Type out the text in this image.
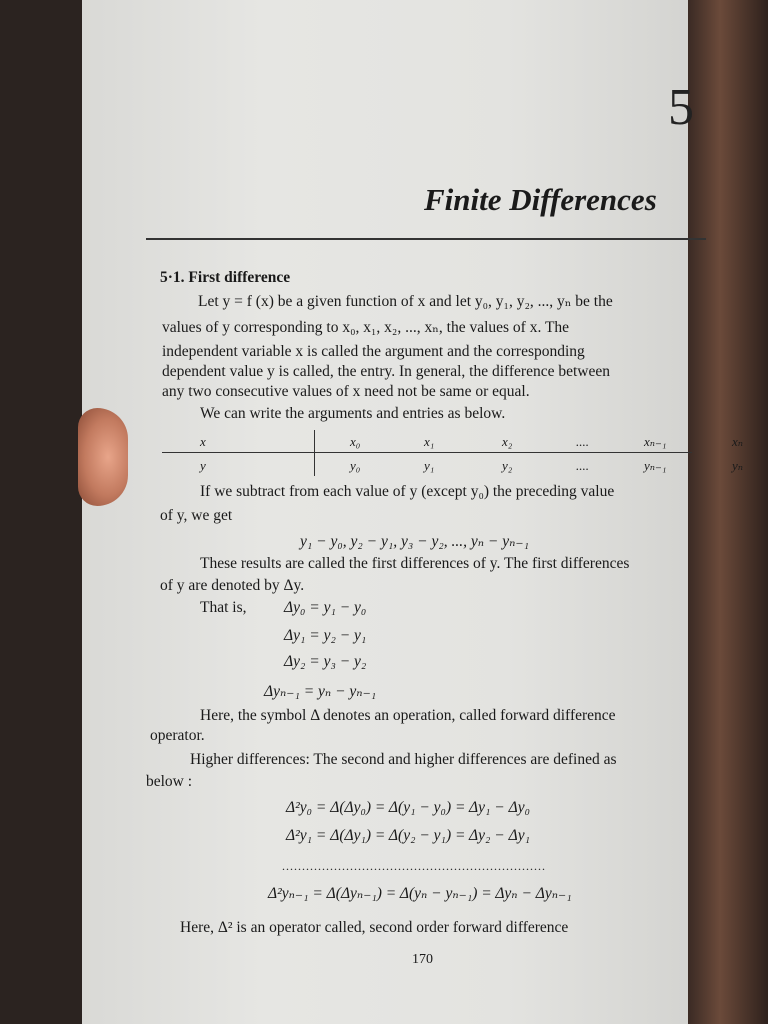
5
Finite Differences
5·1. First difference
Let y = f (x) be a given function of x and let y₀, y₁, y₂, ..., yₙ be the
values of y corresponding to x₀, x₁, x₂, ..., xₙ, the values of x. The
independent variable x is called the argument and the corresponding
dependent value y is called, the entry. In general, the difference between
any two consecutive values of x need not be same or equal.
We can write the arguments and entries as below.
x	x₀	x₁	x₂	....	xₙ₋₁	xₙ
y	y₀	y₁	y₂	....	yₙ₋₁	yₙ
If we subtract from each value of y (except y₀) the preceding value
of y, we get
y₁ − y₀, y₂ − y₁, y₃ − y₂, ..., yₙ − yₙ₋₁
These results are called the first differences of y. The first differences
of y are denoted by Δy.
That is, Δy₀ = y₁ − y₀
Δy₁ = y₂ − y₁
Δy₂ = y₃ − y₂
Δyₙ₋₁ = yₙ − yₙ₋₁
Here, the symbol Δ denotes an operation, called forward difference
operator.
Higher differences: The second and higher differences are defined as
below :
Δ²y₀ = Δ(Δy₀) = Δ(y₁ − y₀) = Δy₁ − Δy₀
Δ²y₁ = Δ(Δy₁) = Δ(y₂ − y₁) = Δy₂ − Δy₁
..................................................................
Δ²yₙ₋₁ = Δ(Δyₙ₋₁) = Δ(yₙ − yₙ₋₁) = Δyₙ − Δyₙ₋₁
Here, Δ² is an operator called, second order forward difference
170
